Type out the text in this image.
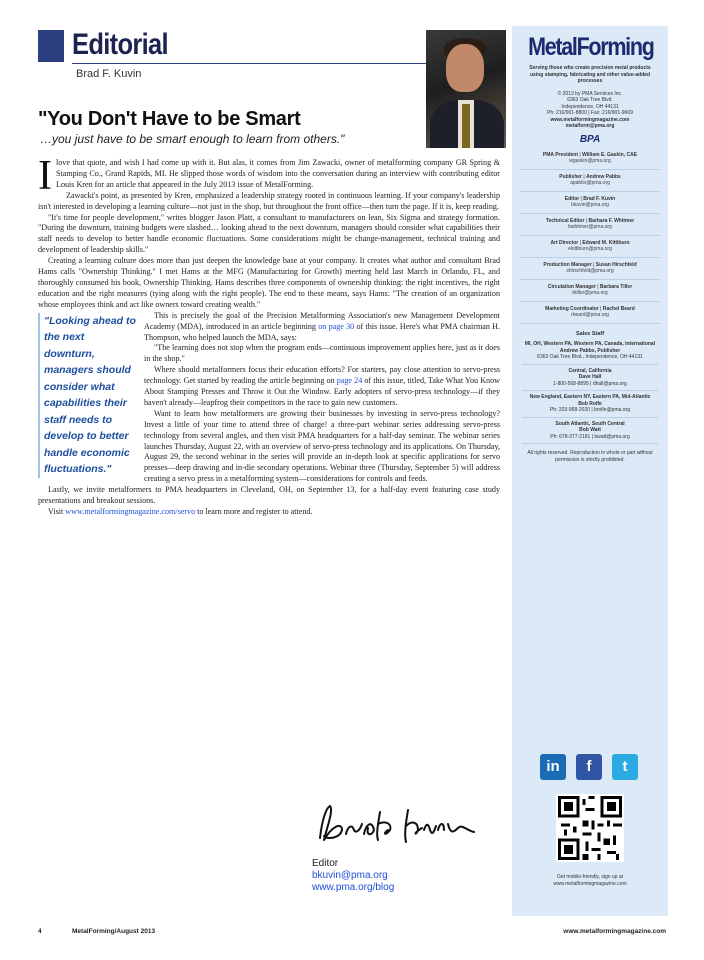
Editorial
Brad F. Kuvin
"You Don't Have to be Smart
…you just have to be smart enough to learn from others."

Ilove that quote, and wish I had come up with it. But alas, it comes from Jim Zawacki, owner of metalforming company GR Spring & Stamping Co., Grand Rapids, MI. He slipped those words of wisdom into the conversation during an interview with contributing editor Louis Kren for an article that appeared in the July 2013 issue of MetalForming.

Zawacki's point, as presented by Kren, emphasized a leadership strategy rooted in continuous learning. If your company's leadership isn't interested in developing a learning culture—not just in the shop, but throughout the front office—then turn the page. If it is, keep reading.

"It's time for people development," writes blogger Jason Platt, a consultant to manufacturers on lean, Six Sigma and strategy formation. "During the downturn, training budgets were slashed… looking ahead to the next downturn, managers should consider what capabilities their staff needs to develop to better handle economic fluctuations. Some considerations might be change-management, technical training and development of leadership skills."

Creating a learning culture does more than just deepen the knowledge base at your company. It creates what author and consultant Brad Hams calls "Ownership Thinking." I met Hams at the MFG (Manufacturing for Growth) meeting held last March in Orlando, FL, and thoroughly consumed his book, Ownership Thinking. Hams describes three components of ownership thinking: the right incentives, the right education and the right measures (tying along with the right people). The end to these means, says Hams: "The creation of an organization whose employees think and act like owners toward creating wealth."

"Looking ahead to the next downturn, managers should consider what capabilities their staff needs to develop to better handle economic fluctuations."

This is precisely the goal of the Precision Metalforming Association's new Management Development Academy (MDA), introduced in an article beginning on page 30 of this issue. Here's what PMA chairman H. Thompson, who helped launch the MDA, says:

"The learning does not stop when the program ends—continuous improvement applies here, just as it does in the shop."

Where should metalformers focus their education efforts? For starters, pay close attention to servo-press technology. Get started by reading the article beginning on page 24 of this issue, titled, Take What You Know About Stamping Presses and Throw it Out the Window. Early adopters of servo-press technology—if they haven't already—leapfrog their competitors in the race to gain new customers.

Want to learn how metalformers are growing their businesses by investing in servo-press technology? Invest a little of your time to attend three of charge! a three-part webinar series addressing servo-press technology from several angles, and then visit PMA headquarters for a half-day seminar. The webinar series launches Thursday, August 22, with an overview of servo-press technology and its applications. On Thursday, August 29, the second webinar in the series will provide an in-depth look at specific applications for servo presses—deep drawing and in-die secondary operations. Webinar three (Thursday, September 5) will address creating a servo press in a metalforming system—considerations for controls and feeds.

Lastly, we invite metalformers to PMA headquarters in Cleveland, OH, on September 13, for a half-day event featuring case study presentations and breakout sessions.

Visit www.metalformingmagazine.com/servo to learn more and register to attend.

Editor
bkuvin@pma.org
www.pma.org/blog
4	MetalForming/August 2013	www.metalformingmagazine.com
MetalForming
Serving those who create precision metal products using stamping, fabricating and other value-added processes
© 2013 by PMA Services Inc.
6363 Oak Tree Blvd.
Independence, OH 44131
Ph: 216/901-8800 | Fax: 216/901-9669
www.metalformingmagazine.com
metalform@pma.org
BPA
PMA President | William E. Gaskin, CAE
wgaskin@pma.org
Publisher | Andrew Pabbs
apabbs@pma.org
Editor | Brad F. Kuvin
bkuvin@pma.org
Technical Editor | Barbara F. Whitmer
bwhitmer@pma.org
Art Director | Edward M. Kittiburo
ekittiburo@pma.org
Production Manager | Susan Hirschfeld
shirschfeld@pma.org
Circulation Manager | Barbara Tiller
btiller@pma.org
Marketing Coordinator | Rachel Beard
rbeard@pma.org
Sales Staff
MI, OH, Western PA, Western PA, Canada, International
Andrew Pabbs, Publisher
6363 Oak Tree Blvd., Independence, OH 44131
Central, California
Dave Hall
1-800-568-8895 | dhall@pma.org
New England, Eastern NY, Eastern PA, Mid-Atlantic
Bob Rolfe
Ph: 203-968-2020 | brolfe@pma.org
South Atlantic, South Central
Bob Watt
Ph: 678-377-2181 | bwatt@pma.org
All rights reserved. Reproduction in whole or part without permission is strictly prohibited.
in	f	t
Get mobile-friendly, sign up at www.metalformingmagazine.com
